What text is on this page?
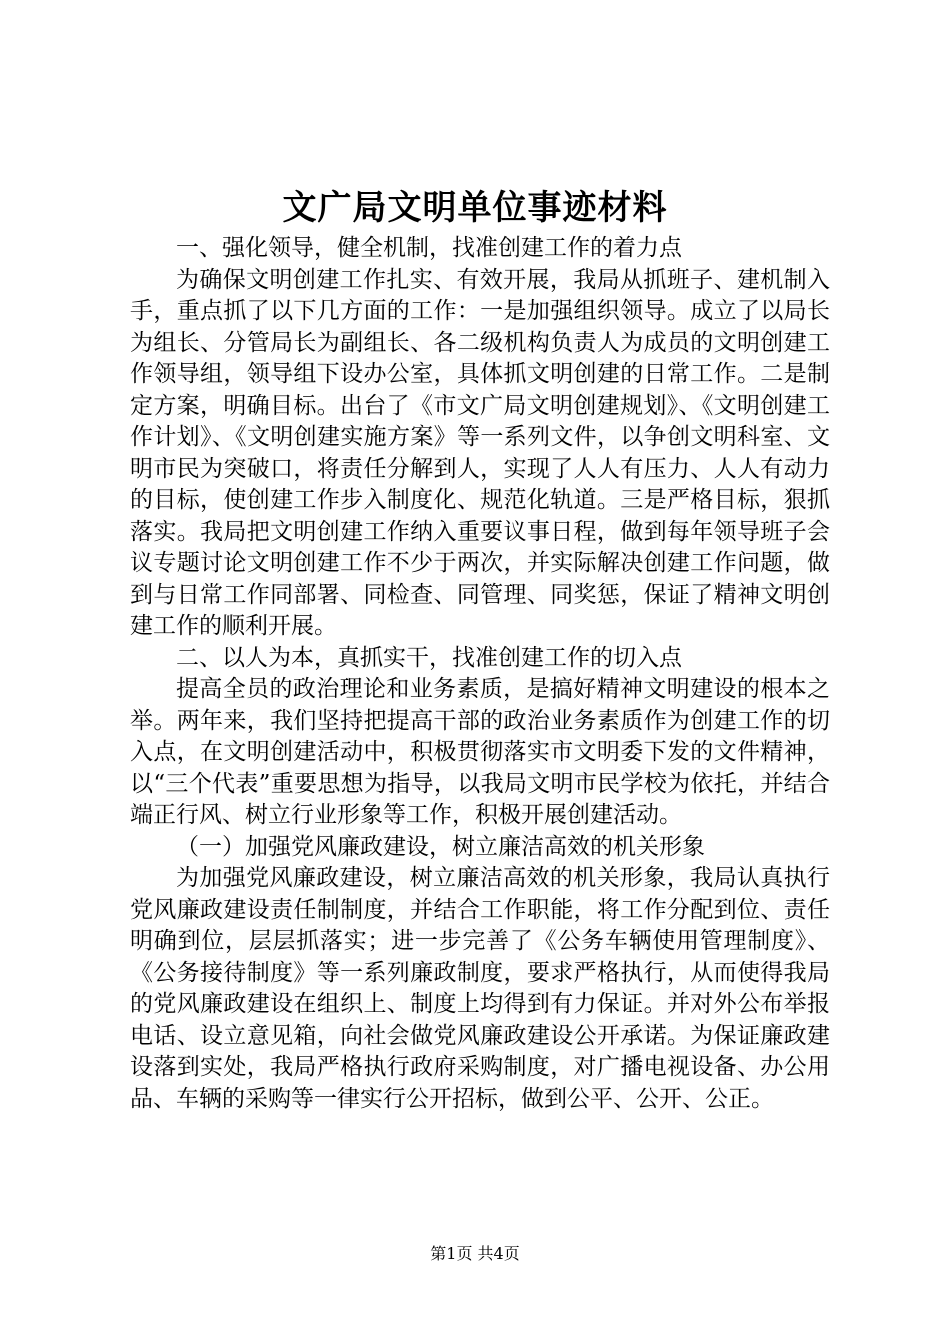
文广局文明单位事迹材料

一、强化领导，健全机制，找准创建工作的着力点

为确保文明创建工作扎实、有效开展，我局从抓班子、建机制入手，重点抓了以下几方面的工作：一是加强组织领导。成立了以局长为组长、分管局长为副组长、各二级机构负责人为成员的文明创建工作领导组，领导组下设办公室，具体抓文明创建的日常工作。二是制定方案，明确目标。出台了《市文广局文明创建规划》、《文明创建工作计划》、《文明创建实施方案》等一系列文件，以争创文明科室、文明市民为突破口，将责任分解到人，实现了人人有压力、人人有动力的目标，使创建工作步入制度化、规范化轨道。三是严格目标，狠抓落实。我局把文明创建工作纳入重要议事日程，做到每年领导班子会议专题讨论文明创建工作不少于两次，并实际解决创建工作问题，做到与日常工作同部署、同检查、同管理、同奖惩，保证了精神文明创建工作的顺利开展。

二、以人为本，真抓实干，找准创建工作的切入点

提高全员的政治理论和业务素质，是搞好精神文明建设的根本之举。两年来，我们坚持把提高干部的政治业务素质作为创建工作的切入点，在文明创建活动中，积极贯彻落实市文明委下发的文件精神，以“三个代表”重要思想为指导，以我局文明市民学校为依托，并结合端正行风、树立行业形象等工作，积极开展创建活动。

（一）加强党风廉政建设，树立廉洁高效的机关形象

为加强党风廉政建设，树立廉洁高效的机关形象，我局认真执行党风廉政建设责任制制度，并结合工作职能，将工作分配到位、责任明确到位，层层抓落实；进一步完善了《公务车辆使用管理制度》、《公务接待制度》等一系列廉政制度，要求严格执行，从而使得我局的党风廉政建设在组织上、制度上均得到有力保证。并对外公布举报电话、设立意见箱，向社会做党风廉政建设公开承诺。为保证廉政建设落到实处，我局严格执行政府采购制度，对广播电视设备、办公用品、车辆的采购等一律实行公开招标，做到公平、公开、公正。

第1页 共4页
